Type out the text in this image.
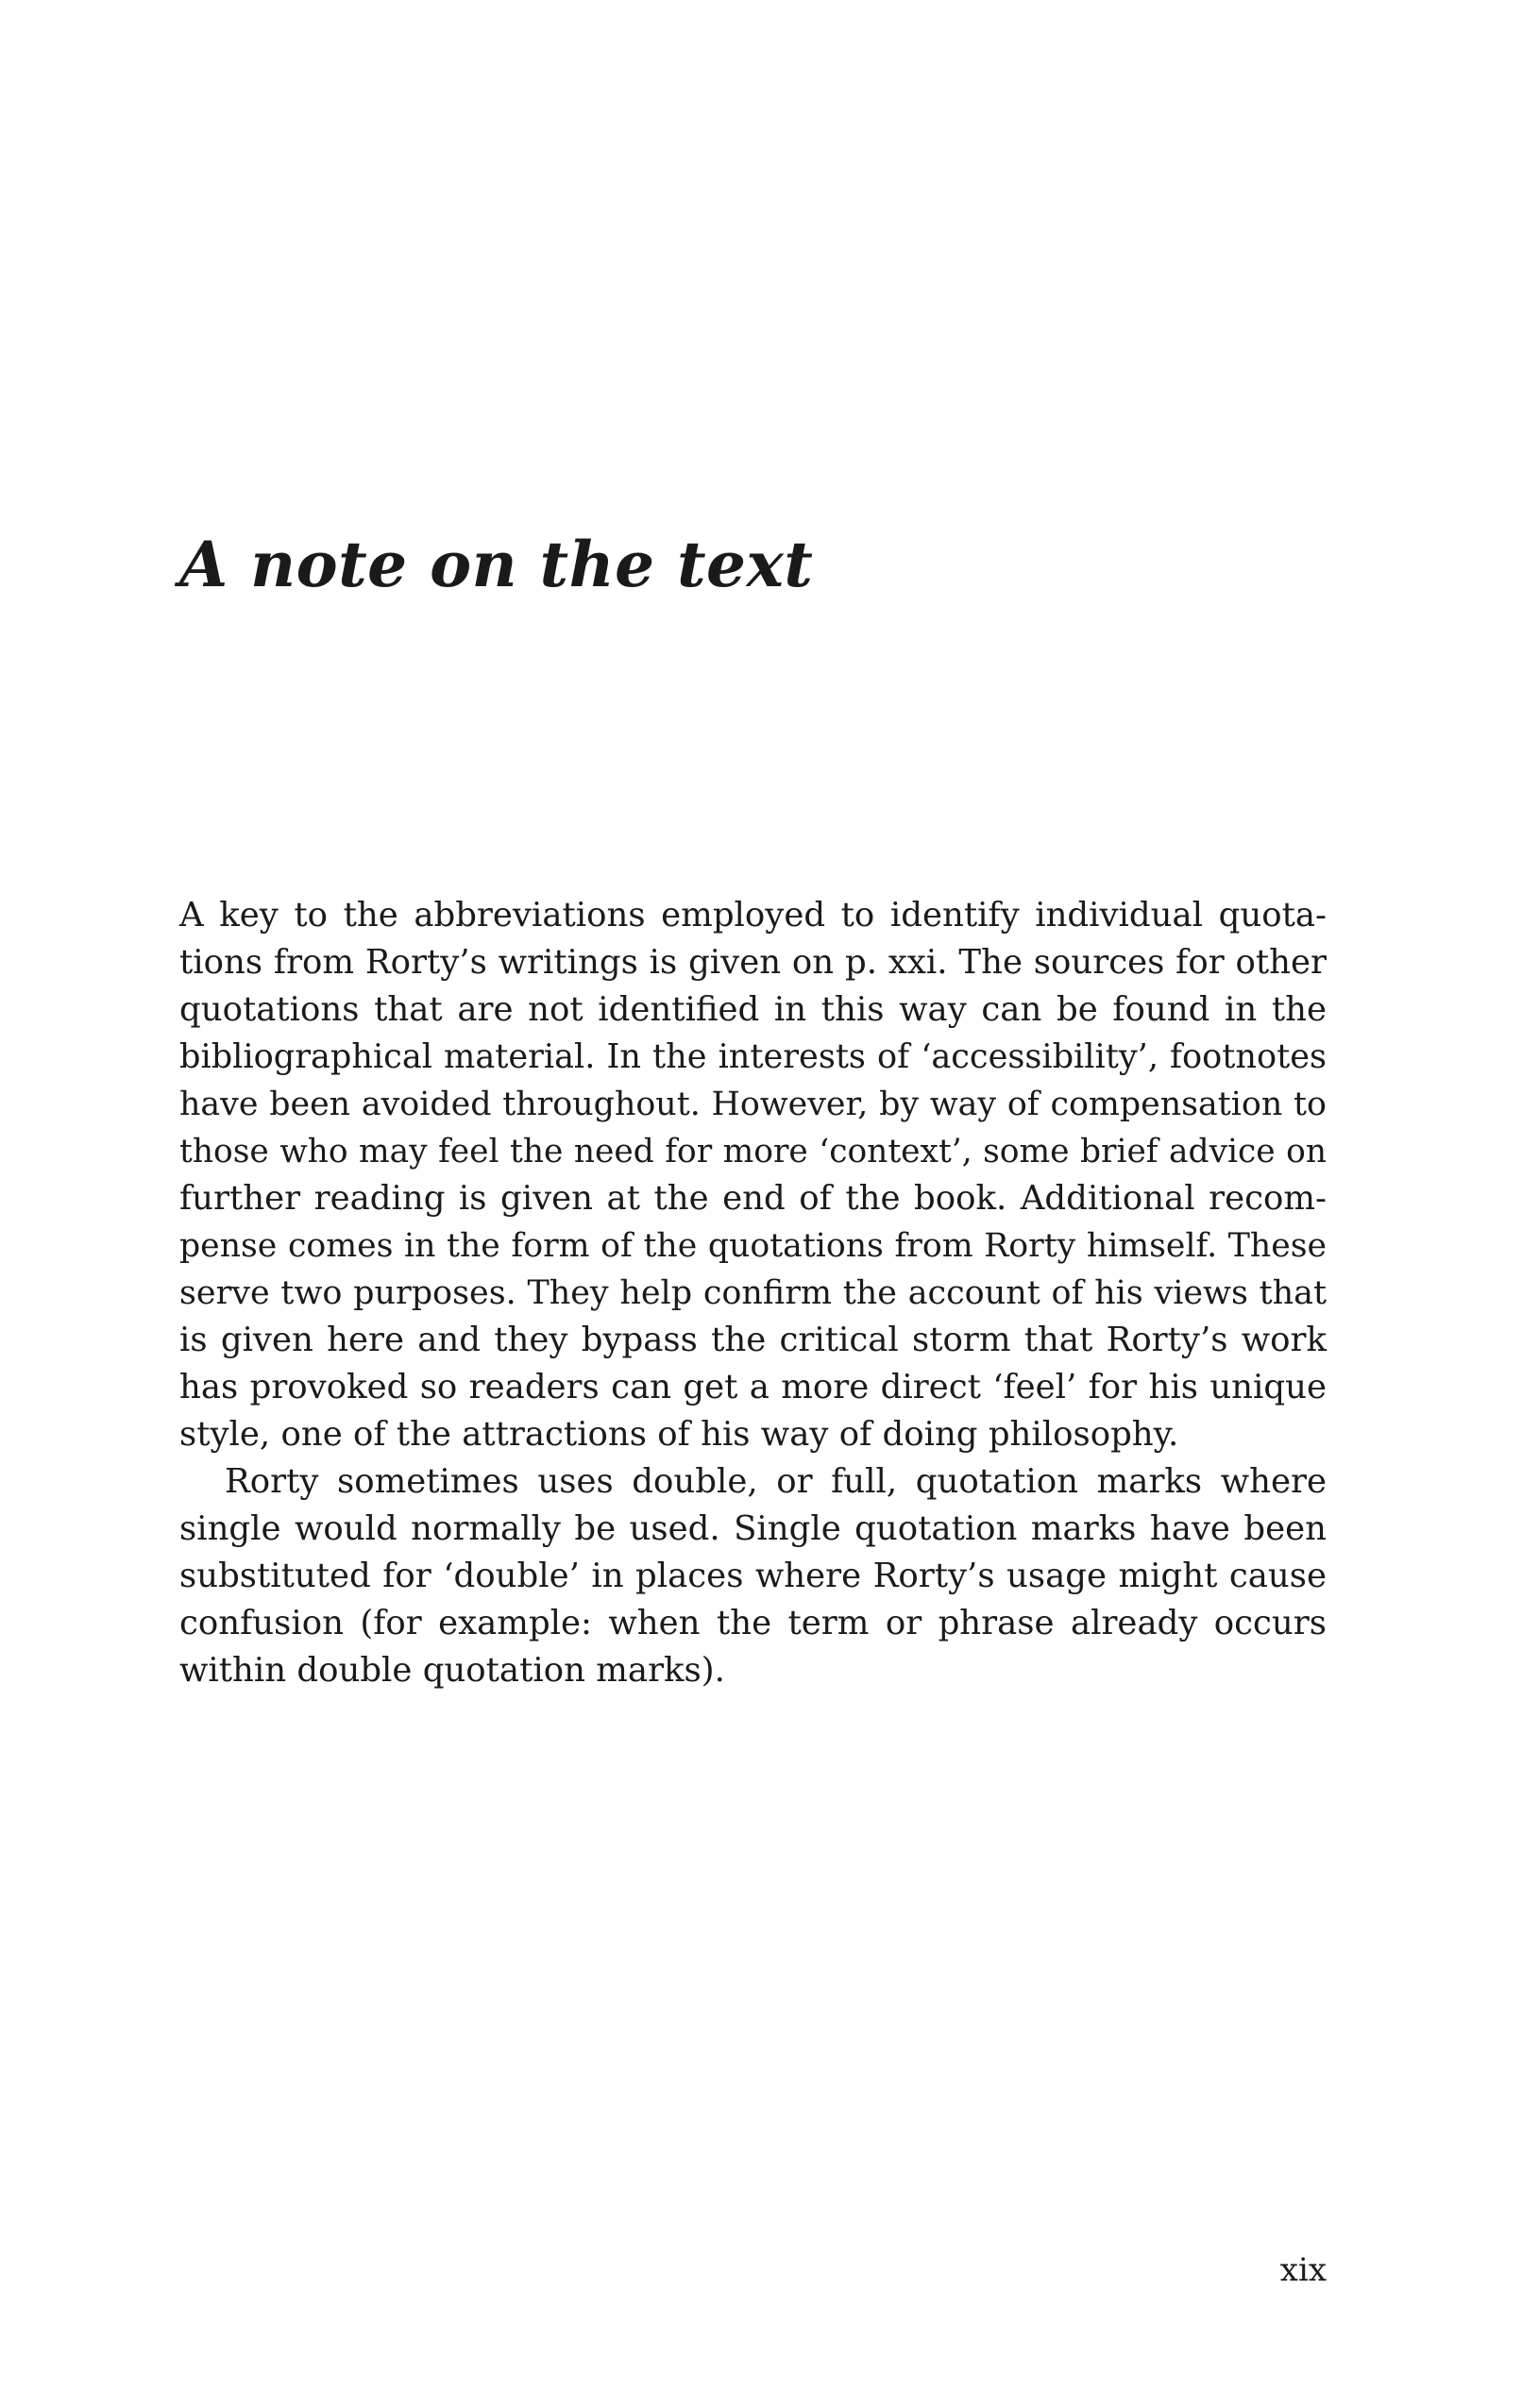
A note on the text

A key to the abbreviations employed to identify individual quota-
tions from Rorty’s writings is given on p. xxi. The sources for other
quotations that are not identified in this way can be found in the
bibliographical material. In the interests of ‘accessibility’, footnotes
have been avoided throughout. However, by way of compensation to
those who may feel the need for more ‘context’, some brief advice on
further reading is given at the end of the book. Additional recom-
pense comes in the form of the quotations from Rorty himself. These
serve two purposes. They help confirm the account of his views that
is given here and they bypass the critical storm that Rorty’s work
has provoked so readers can get a more direct ‘feel’ for his unique
style, one of the attractions of his way of doing philosophy.

Rorty sometimes uses double, or full, quotation marks where
single would normally be used. Single quotation marks have been
substituted for ‘double’ in places where Rorty’s usage might cause
confusion (for example: when the term or phrase already occurs
within double quotation marks).

xix
